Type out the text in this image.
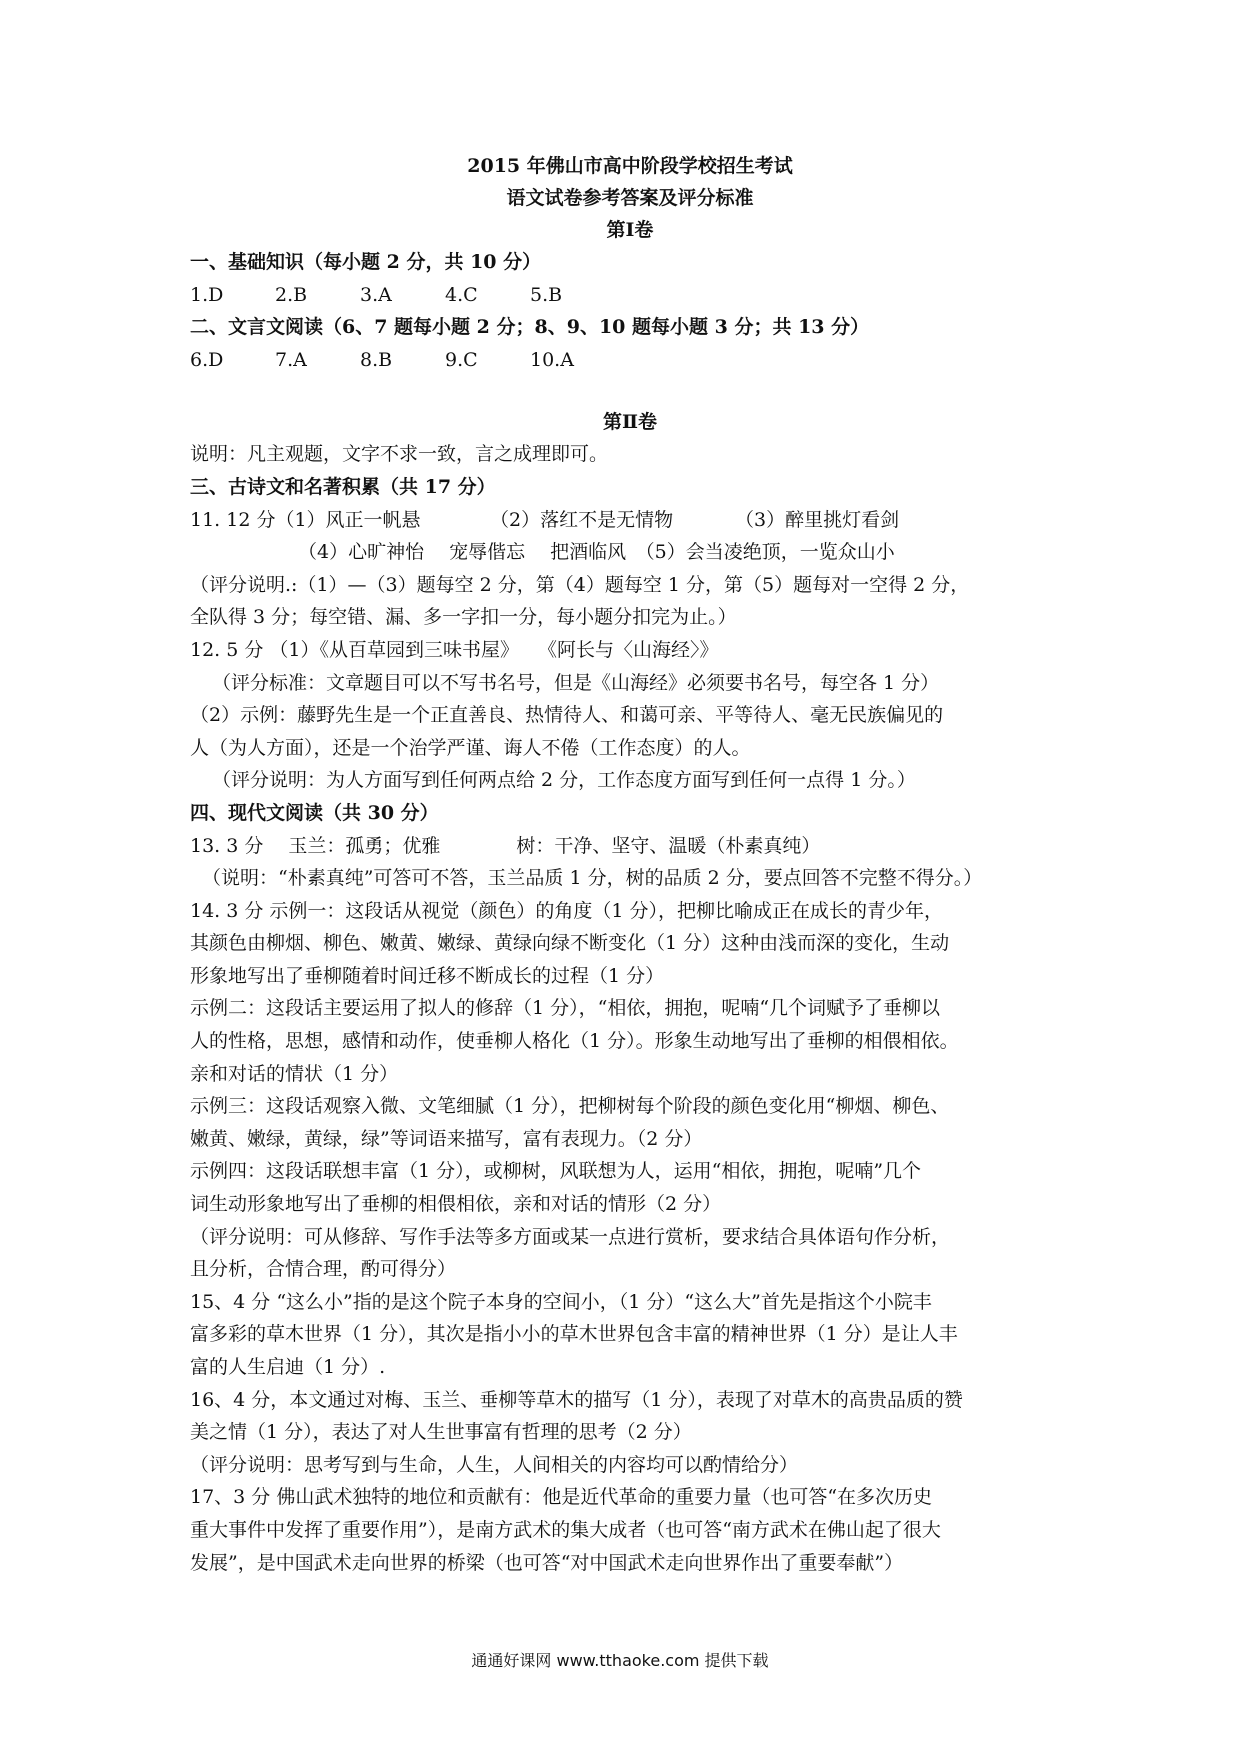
2015 年佛山市高中阶段学校招生考试
语文试卷参考答案及评分标准
第Ⅰ卷
一、基础知识（每小题 2 分，共 10 分）
1.D	2.B	3.A	4.C	5.B
二、文言文阅读（6、7 题每小题 2 分；8、9、10 题每小题 3 分；共 13 分）
6.D	7.A	8.B	9.C	10.A
第Ⅱ卷
说明：凡主观题，文字不求一致，言之成理即可。
三、古诗文和名著积累（共 17 分）
11. 12 分（1）风正一帆悬	（2）落红不是无情物	（3）醉里挑灯看剑
（4）心旷神怡　 宠辱偕忘　 把酒临风　（5）会当凌绝顶，一览众山小
（评分说明.:（1）—（3）题每空 2 分，第（4）题每空 1 分，第（5）题每对一空得 2 分，
全队得 3 分；每空错、漏、多一字扣一分，每小题分扣完为止。）
12. 5 分 （1）《从百草园到三味书屋》　　《阿长与〈山海经〉》
（评分标准：文章题目可以不写书名号，但是《山海经》必须要书名号，每空各 1 分）
（2）示例：藤野先生是一个正直善良、热情待人、和蔼可亲、平等待人、毫无民族偏见的
人（为人方面），还是一个治学严谨、诲人不倦（工作态度）的人。
（评分说明：为人方面写到任何两点给 2 分，工作态度方面写到任何一点得 1 分。）
四、现代文阅读（共 30 分）
13. 3 分　 玉兰：孤勇；优雅　　　　树：干净、坚守、温暖（朴素真纯）
（说明：“朴素真纯”可答可不答，玉兰品质 1 分，树的品质 2 分，要点回答不完整不得分。）
14. 3 分 示例一：这段话从视觉（颜色）的角度（1 分），把柳比喻成正在成长的青少年，
其颜色由柳烟、柳色、嫩黄、嫩绿、黄绿向绿不断变化（1 分）这种由浅而深的变化，生动
形象地写出了垂柳随着时间迁移不断成长的过程（1 分）
示例二：这段话主要运用了拟人的修辞（1 分），“相依，拥抱，呢喃“几个词赋予了垂柳以
人的性格，思想，感情和动作，使垂柳人格化（1 分）。形象生动地写出了垂柳的相偎相依。
亲和对话的情状（1 分）
示例三：这段话观察入微、文笔细腻（1 分），把柳树每个阶段的颜色变化用“柳烟、柳色、
嫩黄、嫩绿，黄绿，绿”等词语来描写，富有表现力。（2 分）
示例四：这段话联想丰富（1 分），或柳树，风联想为人，运用“相依，拥抱，呢喃”几个
词生动形象地写出了垂柳的相偎相依，亲和对话的情形（2 分）
（评分说明：可从修辞、写作手法等多方面或某一点进行赏析，要求结合具体语句作分析，
且分析，合情合理，酌可得分）
15、4 分 “这么小”指的是这个院子本身的空间小，（1 分）“这么大”首先是指这个小院丰
富多彩的草木世界（1 分），其次是指小小的草木世界包含丰富的精神世界（1 分）是让人丰
富的人生启迪（1 分）.
16、4 分，本文通过对梅、玉兰、垂柳等草木的描写（1 分），表现了对草木的高贵品质的赞
美之情（1 分），表达了对人生世事富有哲理的思考（2 分）
（评分说明：思考写到与生命，人生，人间相关的内容均可以酌情给分）
17、3 分 佛山武术独特的地位和贡献有：他是近代革命的重要力量（也可答“在多次历史
重大事件中发挥了重要作用”），是南方武术的集大成者（也可答“南方武术在佛山起了很大
发展”，是中国武术走向世界的桥梁（也可答“对中国武术走向世界作出了重要奉献”）
通通好课网 www.tthaoke.com 提供下载
